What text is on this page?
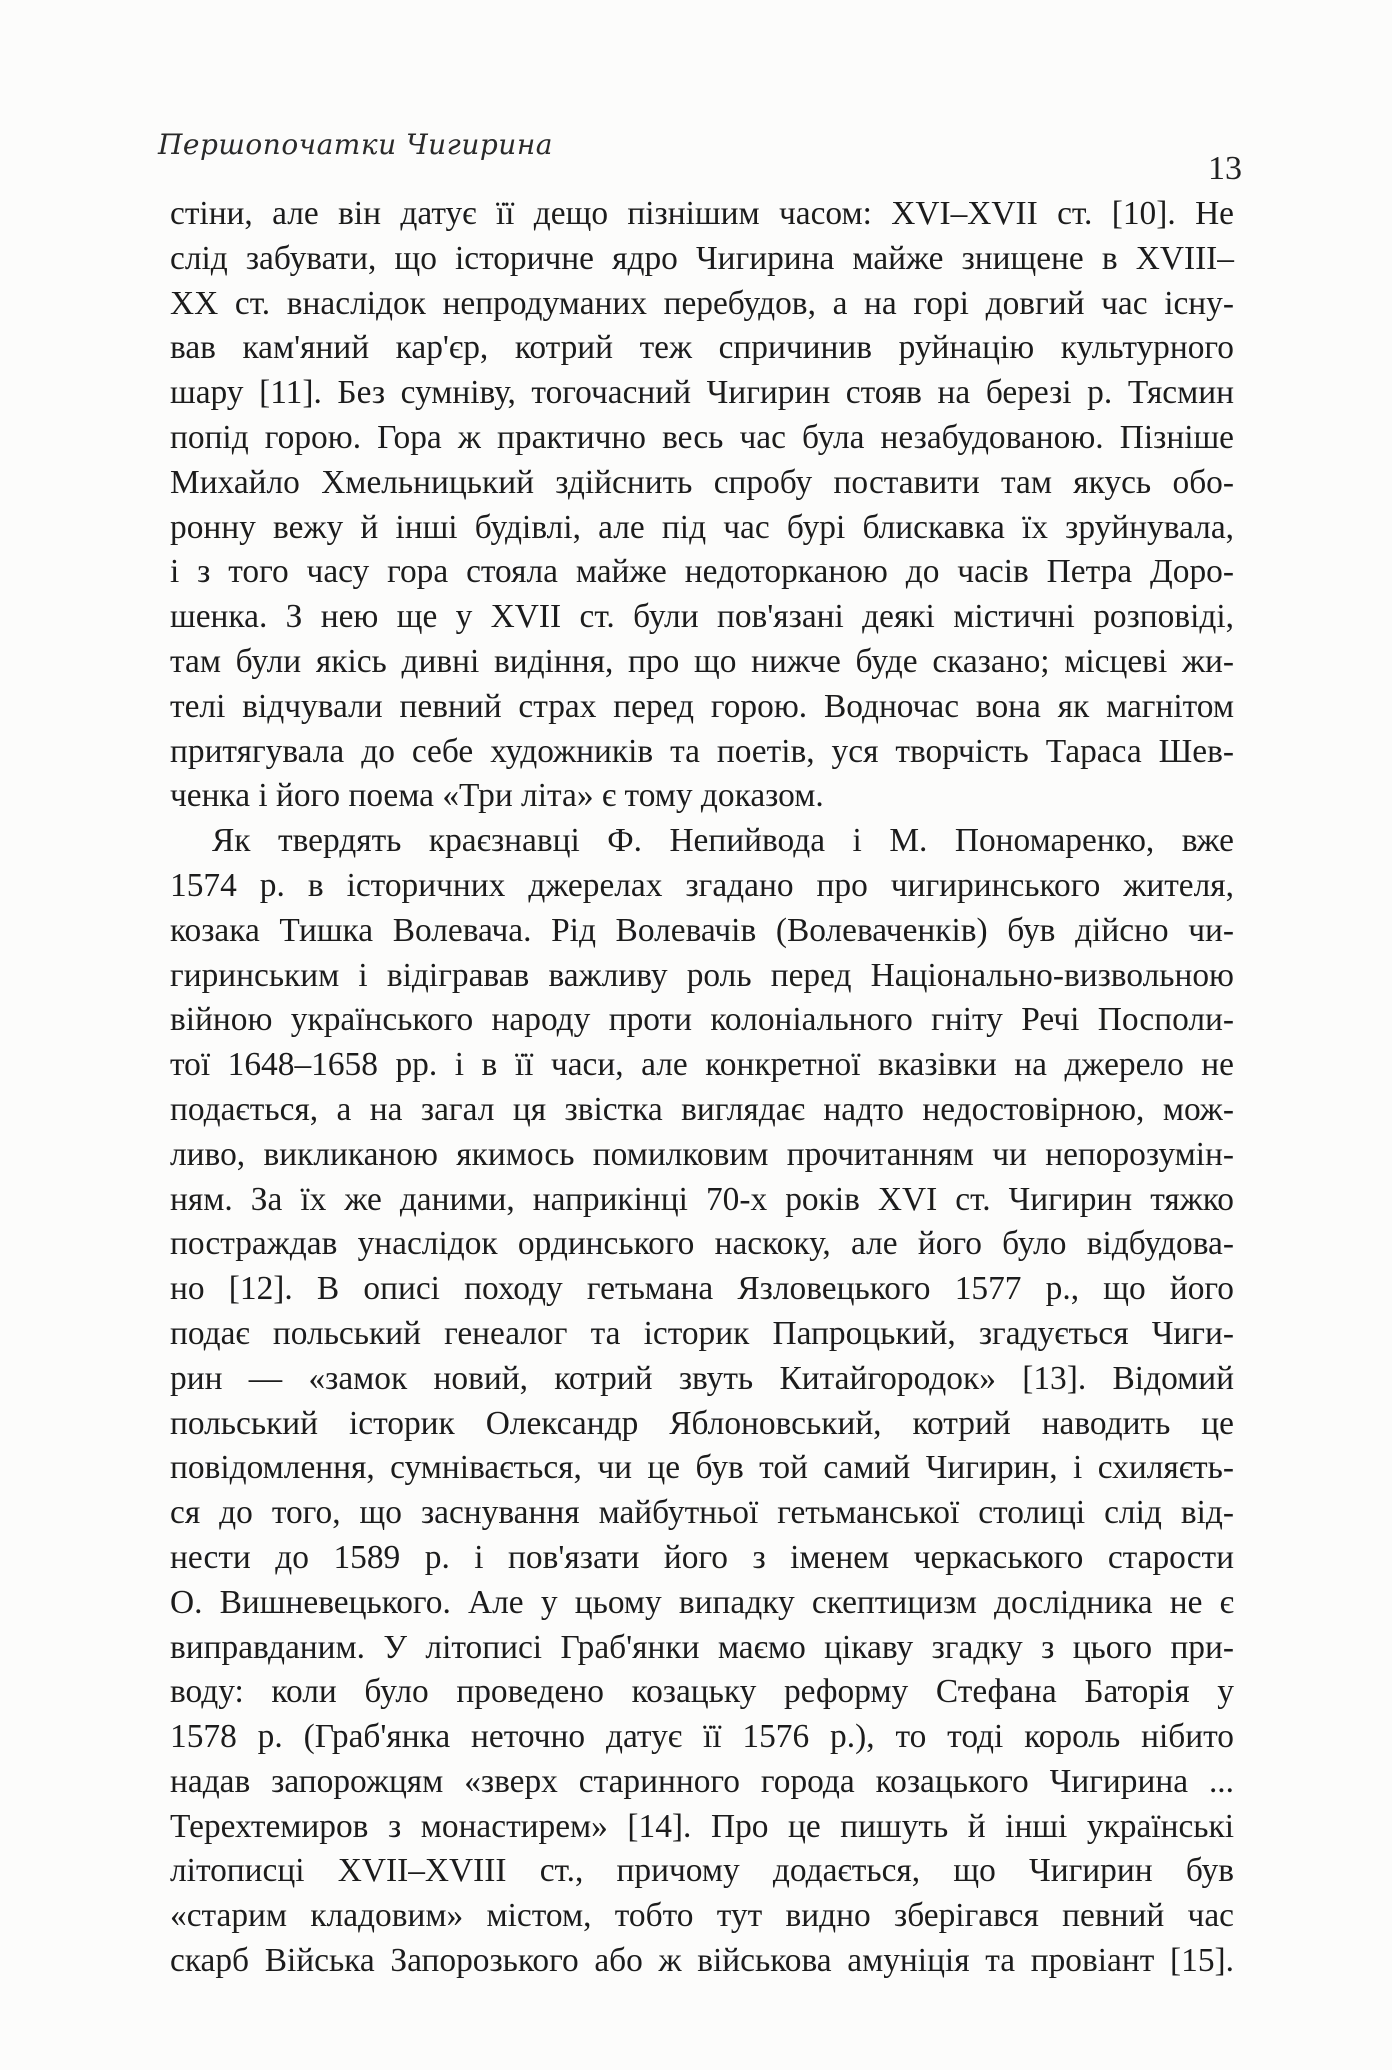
Першопочатки Чигирина
13
стіни, але він датує її дещо пізнішим часом: XVI–XVII ст. [10]. Не
слід забувати, що історичне ядро Чигирина майже знищене в XVIII–
XX ст. внаслідок непродуманих перебудов, а на горі довгий час існу-
вав кам'яний кар'єр, котрий теж спричинив руйнацію культурного
шару [11]. Без сумніву, тогочасний Чигирин стояв на березі р. Тясмин
попід горою. Гора ж практично весь час була незабудованою. Пізніше
Михайло Хмельницький здійснить спробу поставити там якусь обо-
ронну вежу й інші будівлі, але під час бурі блискавка їх зруйнувала,
і з того часу гора стояла майже недоторканою до часів Петра Доро-
шенка. З нею ще у XVII ст. були пов'язані деякі містичні розповіді,
там були якісь дивні видіння, про що нижче буде сказано; місцеві жи-
телі відчували певний страх перед горою. Водночас вона як магнітом
притягувала до себе художників та поетів, уся творчість Тараса Шев-
ченка і його поема «Три літа» є тому доказом.
Як твердять краєзнавці Ф. Непийвода і М. Пономаренко, вже
1574 р. в історичних джерелах згадано про чигиринського жителя,
козака Тишка Волевача. Рід Волевачів (Волеваченків) був дійсно чи-
гиринським і відігравав важливу роль перед Національно-визвольною
війною українського народу проти колоніального гніту Речі Посполи-
тої 1648–1658 рр. і в її часи, але конкретної вказівки на джерело не
подається, а на загал ця звістка виглядає надто недостовірною, мож-
ливо, викликаною якимось помилковим прочитанням чи непорозумін-
ням. За їх же даними, наприкінці 70-х років XVI ст. Чигирин тяжко
постраждав унаслідок ординського наскоку, але його було відбудова-
но [12]. В описі походу гетьмана Язловецького 1577 р., що його
подає польський генеалог та історик Папроцький, згадується Чиги-
рин — «замок новий, котрий звуть Китайгородок» [13]. Відомий
польський історик Олександр Яблоновський, котрий наводить це
повідомлення, сумнівається, чи це був той самий Чигирин, і схиляєть-
ся до того, що заснування майбутньої гетьманської столиці слід від-
нести до 1589 р. і пов'язати його з іменем черкаського старости
О. Вишневецького. Але у цьому випадку скептицизм дослідника не є
виправданим. У літописі Граб'янки маємо цікаву згадку з цього при-
воду: коли було проведено козацьку реформу Стефана Баторія у
1578 р. (Граб'янка неточно датує її 1576 р.), то тоді король нібито
надав запорожцям «зверх старинного города козацького Чигирина ...
Терехтемиров з монастирем» [14]. Про це пишуть й інші українські
літописці XVII–XVIII ст., причому додається, що Чигирин був
«старим кладовим» містом, тобто тут видно зберігався певний час
скарб Війська Запорозького або ж військова амуніція та провіант [15].
